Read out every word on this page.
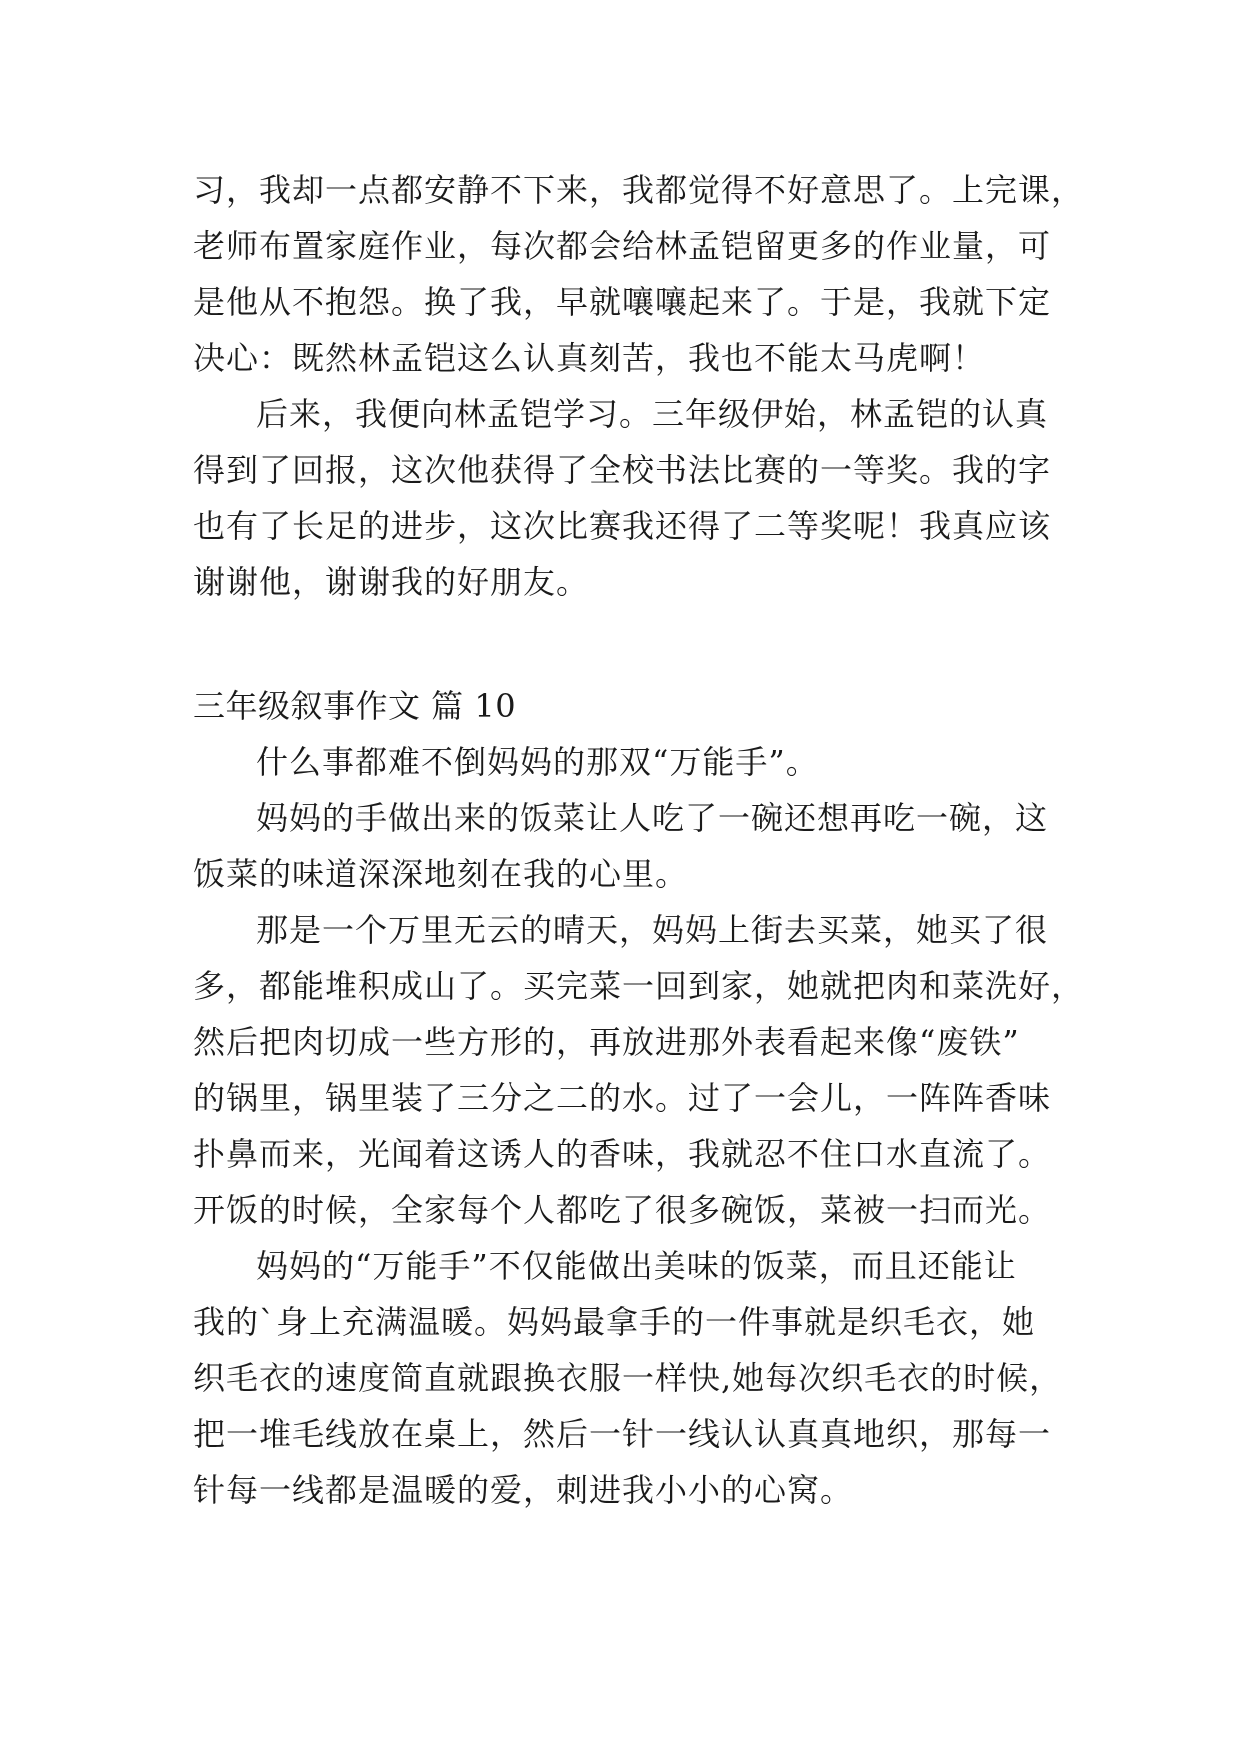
习，我却一点都安静不下来，我都觉得不好意思了。上完课，
老师布置家庭作业，每次都会给林孟铠留更多的作业量，可
是他从不抱怨。换了我，早就嚷嚷起来了。于是，我就下定
决心：既然林孟铠这么认真刻苦，我也不能太马虎啊！
后来，我便向林孟铠学习。三年级伊始，林孟铠的认真
得到了回报，这次他获得了全校书法比赛的一等奖。我的字
也有了长足的进步，这次比赛我还得了二等奖呢！我真应该
谢谢他，谢谢我的好朋友。
三年级叙事作文 篇 10
什么事都难不倒妈妈的那双“万能手”。
妈妈的手做出来的饭菜让人吃了一碗还想再吃一碗，这
饭菜的味道深深地刻在我的心里。
那是一个万里无云的晴天，妈妈上街去买菜，她买了很
多，都能堆积成山了。买完菜一回到家，她就把肉和菜洗好，
然后把肉切成一些方形的，再放进那外表看起来像“废铁”
的锅里，锅里装了三分之二的水。过了一会儿，一阵阵香味
扑鼻而来，光闻着这诱人的香味，我就忍不住口水直流了。
开饭的时候，全家每个人都吃了很多碗饭，菜被一扫而光。
妈妈的“万能手”不仅能做出美味的饭菜，而且还能让
我的`身上充满温暖。妈妈最拿手的一件事就是织毛衣，她
织毛衣的速度简直就跟换衣服一样快,她每次织毛衣的时候，
把一堆毛线放在桌上，然后一针一线认认真真地织，那每一
针每一线都是温暖的爱，刺进我小小的心窝。
